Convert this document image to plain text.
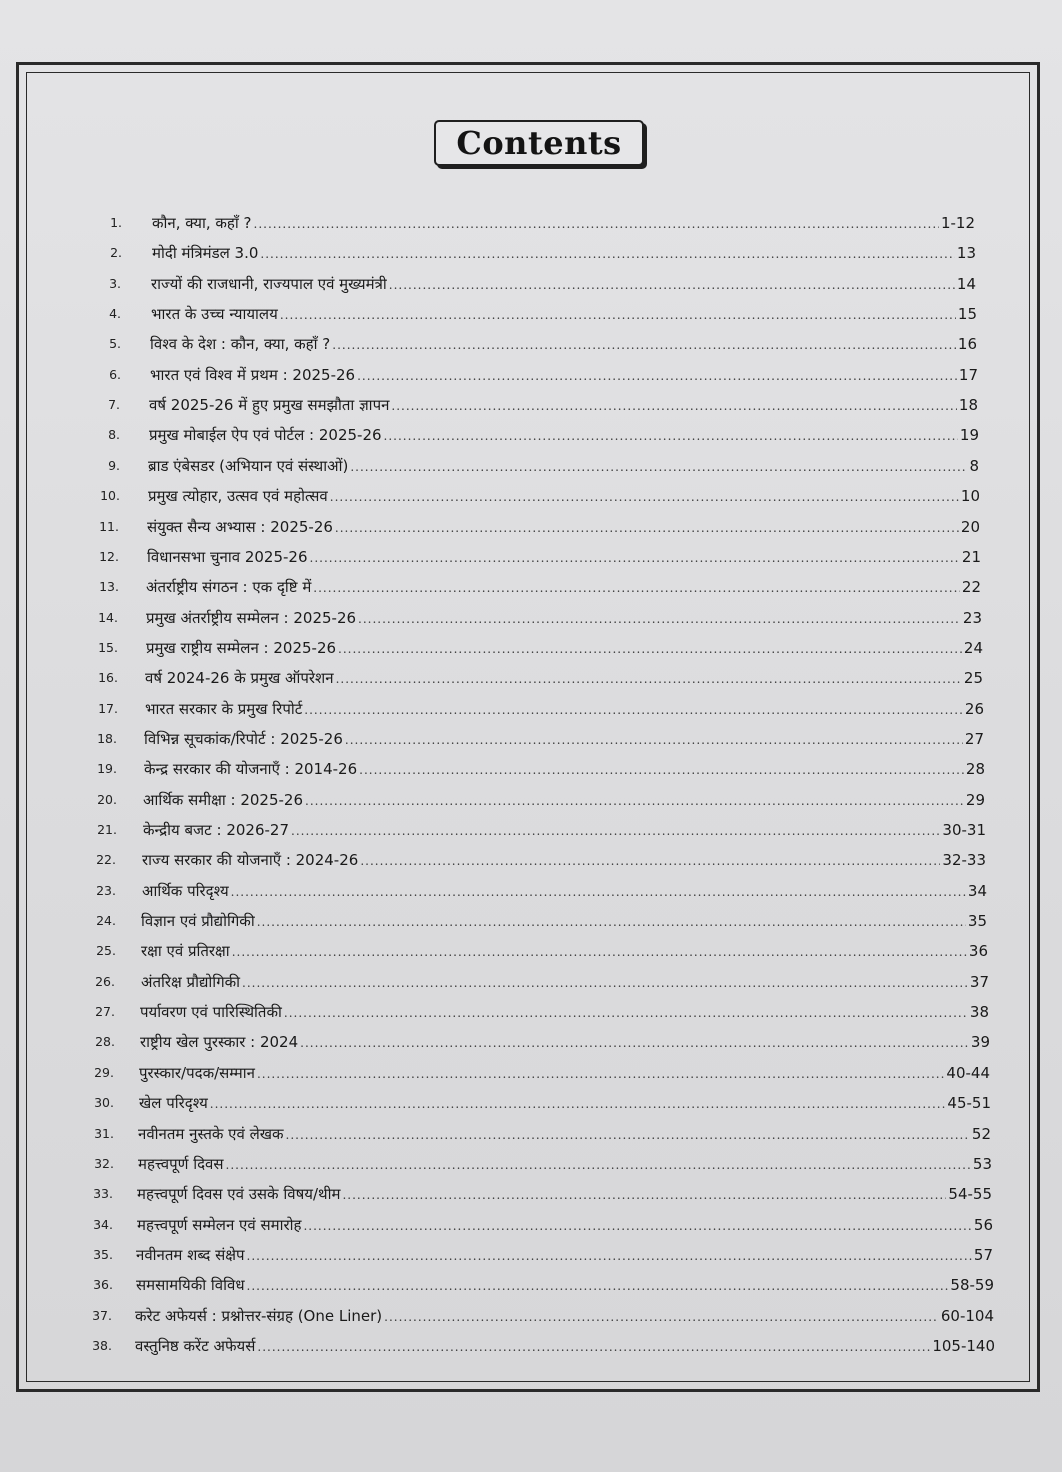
Contents
1. कौन, क्या, कहाँ ? .....	1-12
2. मोदी मंत्रिमंडल 3.0 .....	13
3. राज्यों की राजधानी, राज्यपाल एवं मुख्यमंत्री .....	14
4. भारत के उच्च न्यायालय .....	15
5. विश्व के देश : कौन, क्या, कहाँ ? .....	16
6. भारत एवं विश्व में प्रथम : 2025-26 .....	17
7. वर्ष 2025-26 में हुए प्रमुख समझौता ज्ञापन .....	18
8. प्रमुख मोबाईल ऐप एवं पोर्टल : 2025-26 .....	19
9. ब्राड एंबेसडर (अभियान एवं संस्थाओं) .....	8
10. प्रमुख त्योहार, उत्सव एवं महोत्सव .....	10
11. संयुक्त सैन्य अभ्यास : 2025-26 .....	20
12. विधानसभा चुनाव 2025-26 .....	21
13. अंतर्राष्ट्रीय संगठन : एक दृष्टि में .....	22
14. प्रमुख अंतर्राष्ट्रीय सम्मेलन : 2025-26 .....	23
15. प्रमुख राष्ट्रीय सम्मेलन : 2025-26 .....	24
16. वर्ष 2024-26 के प्रमुख ऑपरेशन .....	25
17. भारत सरकार के प्रमुख रिपोर्ट .....	26
18. विभिन्न सूचकांक/रिपोर्ट : 2025-26 .....	27
19. केन्द्र सरकार की योजनाएँ : 2014-26 .....	28
20. आर्थिक समीक्षा : 2025-26 .....	29
21. केन्द्रीय बजट : 2026-27 .....	30-31
22. राज्य सरकार की योजनाएँ : 2024-26 .....	32-33
23. आर्थिक परिदृश्य .....	34
24. विज्ञान एवं प्रौद्योगिकी .....	35
25. रक्षा एवं प्रतिरक्षा .....	36
26. अंतरिक्ष प्रौद्योगिकी .....	37
27. पर्यावरण एवं पारिस्थितिकी .....	38
28. राष्ट्रीय खेल पुरस्कार : 2024 .....	39
29. पुरस्कार/पदक/सम्मान .....	40-44
30. खेल परिदृश्य .....	45-51
31. नवीनतम नुस्तके एवं लेखक .....	52
32. महत्त्वपूर्ण दिवस .....	53
33. महत्त्वपूर्ण दिवस एवं उसके विषय/थीम .....	54-55
34. महत्त्वपूर्ण सम्मेलन एवं समारोह .....	56
35. नवीनतम शब्द संक्षेप .....	57
36. समसामयिकी विविध .....	58-59
37. करेट अफेयर्स : प्रश्नोत्तर-संग्रह (One Liner) .....	60-104
38. वस्तुनिष्ठ करेंट अफेयर्स .....	105-140
